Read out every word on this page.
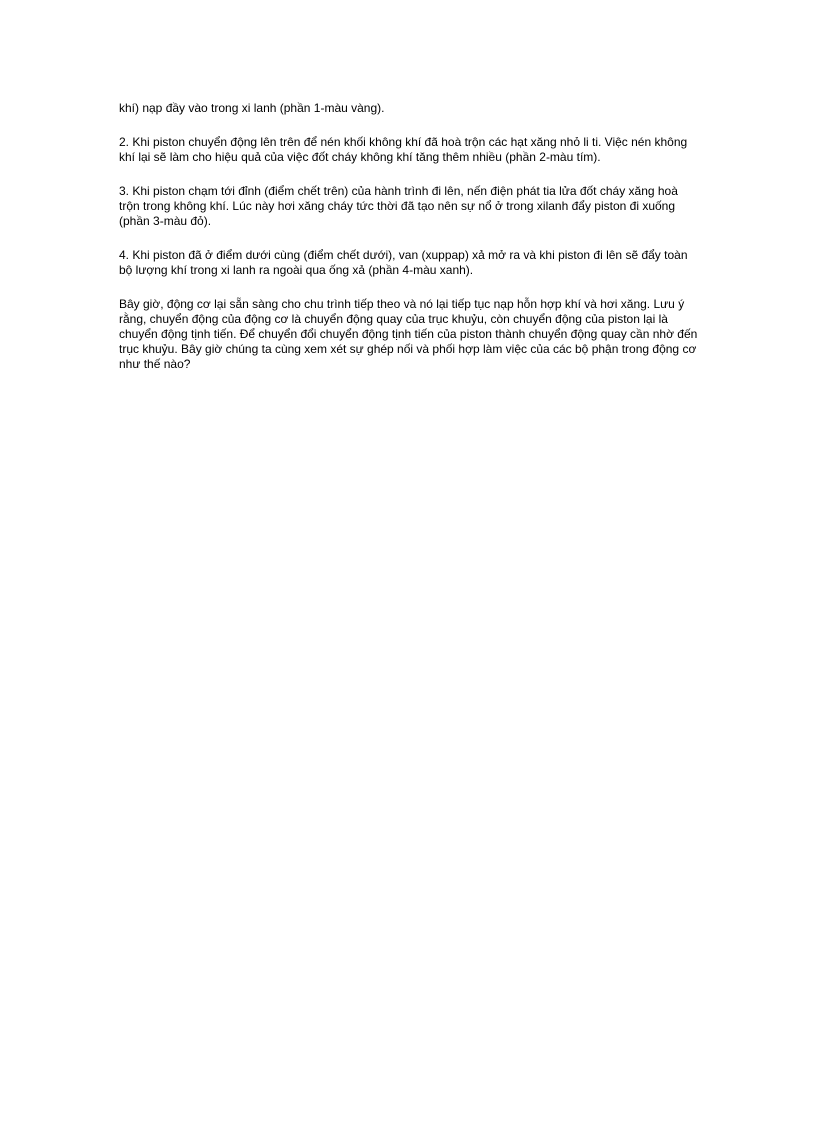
khí) nạp đầy vào trong xi lanh (phần 1-màu vàng).

2. Khi piston chuyển động lên trên để nén khối không khí đã hoà trộn các hạt xăng nhỏ li ti. Việc nén không khí lại sẽ làm cho hiệu quả của việc đốt cháy không khí tăng thêm nhiều (phần 2-màu tím).

3. Khi piston chạm tới đỉnh (điểm chết trên) của hành trình đi lên, nến điện phát tia lửa đốt cháy xăng hoà trộn trong không khí. Lúc này hơi xăng cháy tức thời đã tạo nên sự nổ ở trong xilanh đẩy piston đi xuống (phần 3-màu đỏ).

4. Khi piston đã ở điểm dưới cùng (điểm chết dưới), van (xuppap) xả mở ra và khi piston đi lên sẽ đẩy toàn bộ lượng khí trong xi lanh ra ngoài qua ống xả (phần 4-màu xanh).

Bây giờ, động cơ lại sẵn sàng cho chu trình tiếp theo và nó lại tiếp tục nạp hỗn hợp khí và hơi xăng. Lưu ý rằng, chuyển động của động cơ là chuyển động quay của trục khuỷu, còn chuyển động của piston lại là chuyển động tịnh tiến. Để chuyển đổi chuyển động tịnh tiến của piston thành chuyển động quay cần nhờ đến trục khuỷu. Bây giờ chúng ta cùng xem xét sự ghép nối và phối hợp làm việc của các bộ phận trong động cơ như thế nào?
